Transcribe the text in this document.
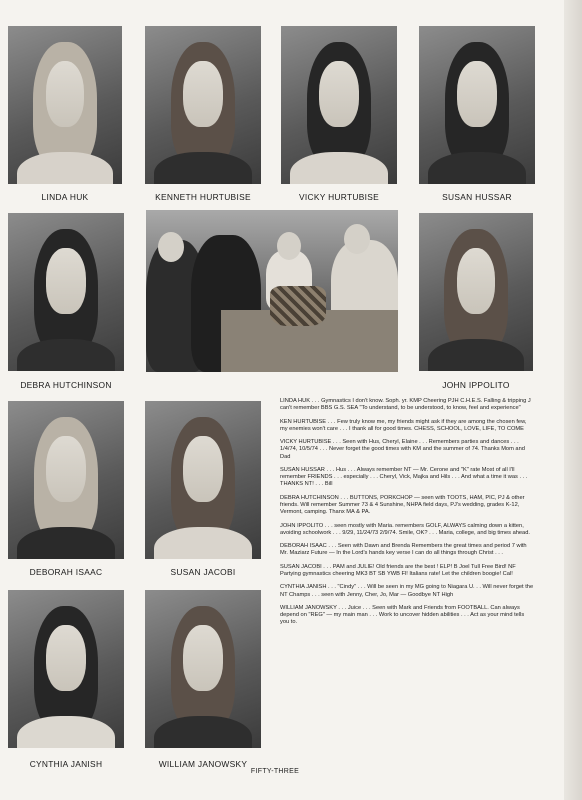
LINDA HUK	KENNETH HURTUBISE	VICKY HURTUBISE	SUSAN HUSSAR
DEBRA HUTCHINSON	JOHN IPPOLITO
DEBORAH ISAAC	SUSAN JACOBI
CYNTHIA JANISH	WILLIAM JANOWSKY

LINDA HUK . . . Gymnastics I don't know. Soph. yr. KMP Cheering PJH C.H.E.S. Falling & tripping J can't remember BBS G.S. SEA "To understand, to be understood, to know, feel and experience"

KEN HURTUBISE . . . Few truly know me, my friends might ask if they are among the chosen few, my enemies won't care . . . I thank all for good times. CHESS, SCHOOL, LOVE, LIFE, TO COME

VICKY HURTUBISE . . . Seen with Hus, Cheryl, Elaine . . . Remembers parties and dances . . . 1/4/74, 10/5/74 . . . Never forget the good times with KM and the summer of 74. Thanks Mom and Dad

SUSAN HUSSAR . . . Hus . . . Always remember NT — Mr. Cerone and "K" rate Most of all I'll remember FRIENDS . . . especially . . . Cheryl, Vick, Majka and Hils . . . And what a time it was . . . THANKS NT! . . . Bill

DEBRA HUTCHINSON . . . BUTTONS, PORKCHOP — seen with TOOTS, HAM, PIC, PJ & other friends. Will remember Summer 73 & 4 Sunshine, NHPA field days, PJ's wedding, grades K-12, Vermont, camping. Thanx MA & PA.

JOHN IPPOLITO . . . seen mostly with Maria. remembers GOLF, ALWAYS calming down a kitten, avoiding schoolwork . . . 9/29, 11/24/73 2/9/74. Smile, OK? . . . Maria, college, and big times ahead.

DEBORAH ISAAC . . . Seen with Dawn and Brenda Remembers the great times and period 7 with Mr. Maziarz Future — In the Lord's hands key verse I can do all things through Christ . . .

SUSAN JACOBI . . . PAM and JULIE! Old friends are the best ! ELP! B Joel Tull Free Bird! NF Partying gymnastics cheering MK3 BT SB YWB Fl! Italians rate! Let the children boogie! Cal!

CYNTHIA JANISH . . . "Cindy" . . . Will be seen in my MG going to Niagara U. . . Will never forget the NT Champs . . . seen with Jenny, Cher, Jo, Mar — Goodbye NT High

WILLIAM JANOWSKY . . . Juice . . . Seen with Mark and Friends from FOOTBALL. Can always depend on "REG" — my main man . . . Work to uncover hidden abilities . . . Act as your mind tells you to.

FIFTY-THREE
